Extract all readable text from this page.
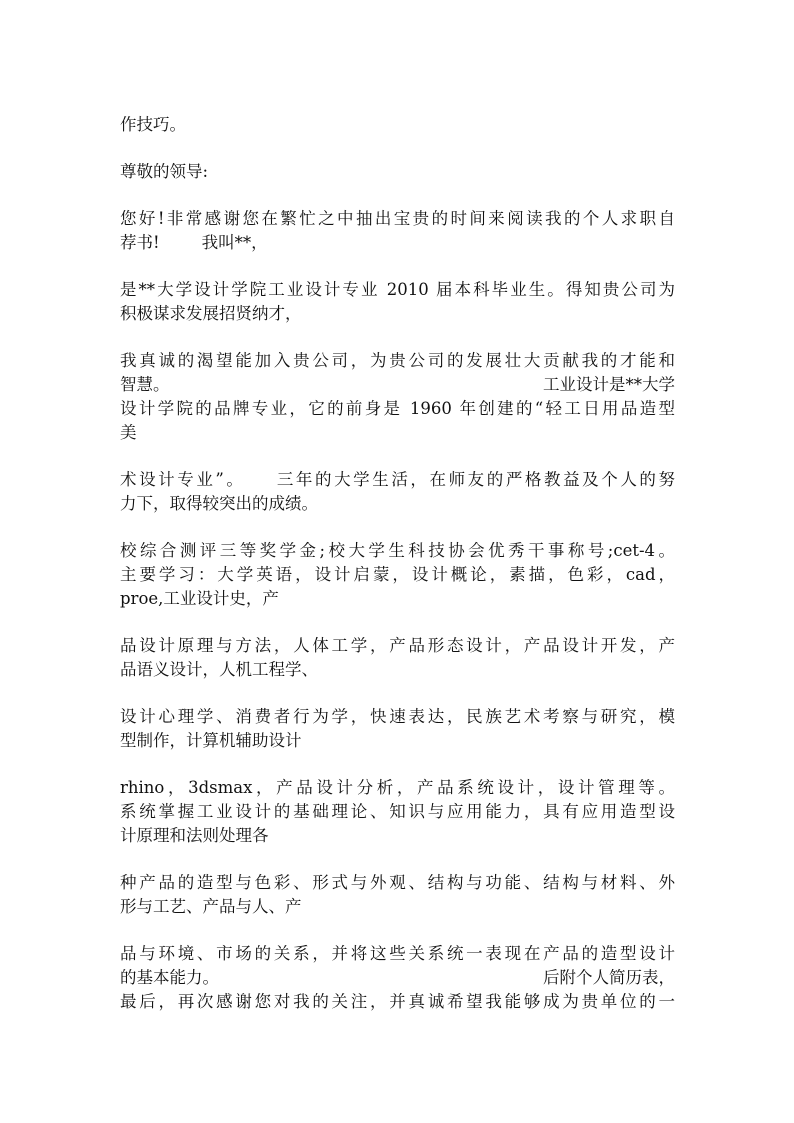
作技巧。

尊敬的领导:

您好!非常感谢您在繁忙之中抽出宝贵的时间来阅读我的个人求职自
荐书!        我叫**，

是**大学设计学院工业设计专业 2010 届本科毕业生。得知贵公司为
积极谋求发展招贤纳才，

我真诚的渴望能加入贵公司，为贵公司的发展壮大贡献我的才能和
智慧。	工业设计是**大学
设计学院的品牌专业，它的前身是 1960 年创建的“轻工日用品造型
美

术设计专业”。    三年的大学生活，在师友的严格教益及个人的努
力下，取得较突出的成绩。

校综合测评三等奖学金;校大学生科技协会优秀干事称号;cet-4。
主要学习：大学英语，设计启蒙，设计概论，素描，色彩，cad，
proe,工业设计史，产

品设计原理与方法，人体工学，产品形态设计，产品设计开发，产
品语义设计，人机工程学、

设计心理学、消费者行为学，快速表达，民族艺术考察与研究，模
型制作，计算机辅助设计

rhino，3dsmax，产品设计分析，产品系统设计，设计管理等。
系统掌握工业设计的基础理论、知识与应用能力，具有应用造型设
计原理和法则处理各

种产品的造型与色彩、形式与外观、结构与功能、结构与材料、外
形与工艺、产品与人、产

品与环境、市场的关系，并将这些关系统一表现在产品的造型设计
的基本能力。	后附个人简历表，
最后，再次感谢您对我的关注，并真诚希望我能够成为贵单位的一
